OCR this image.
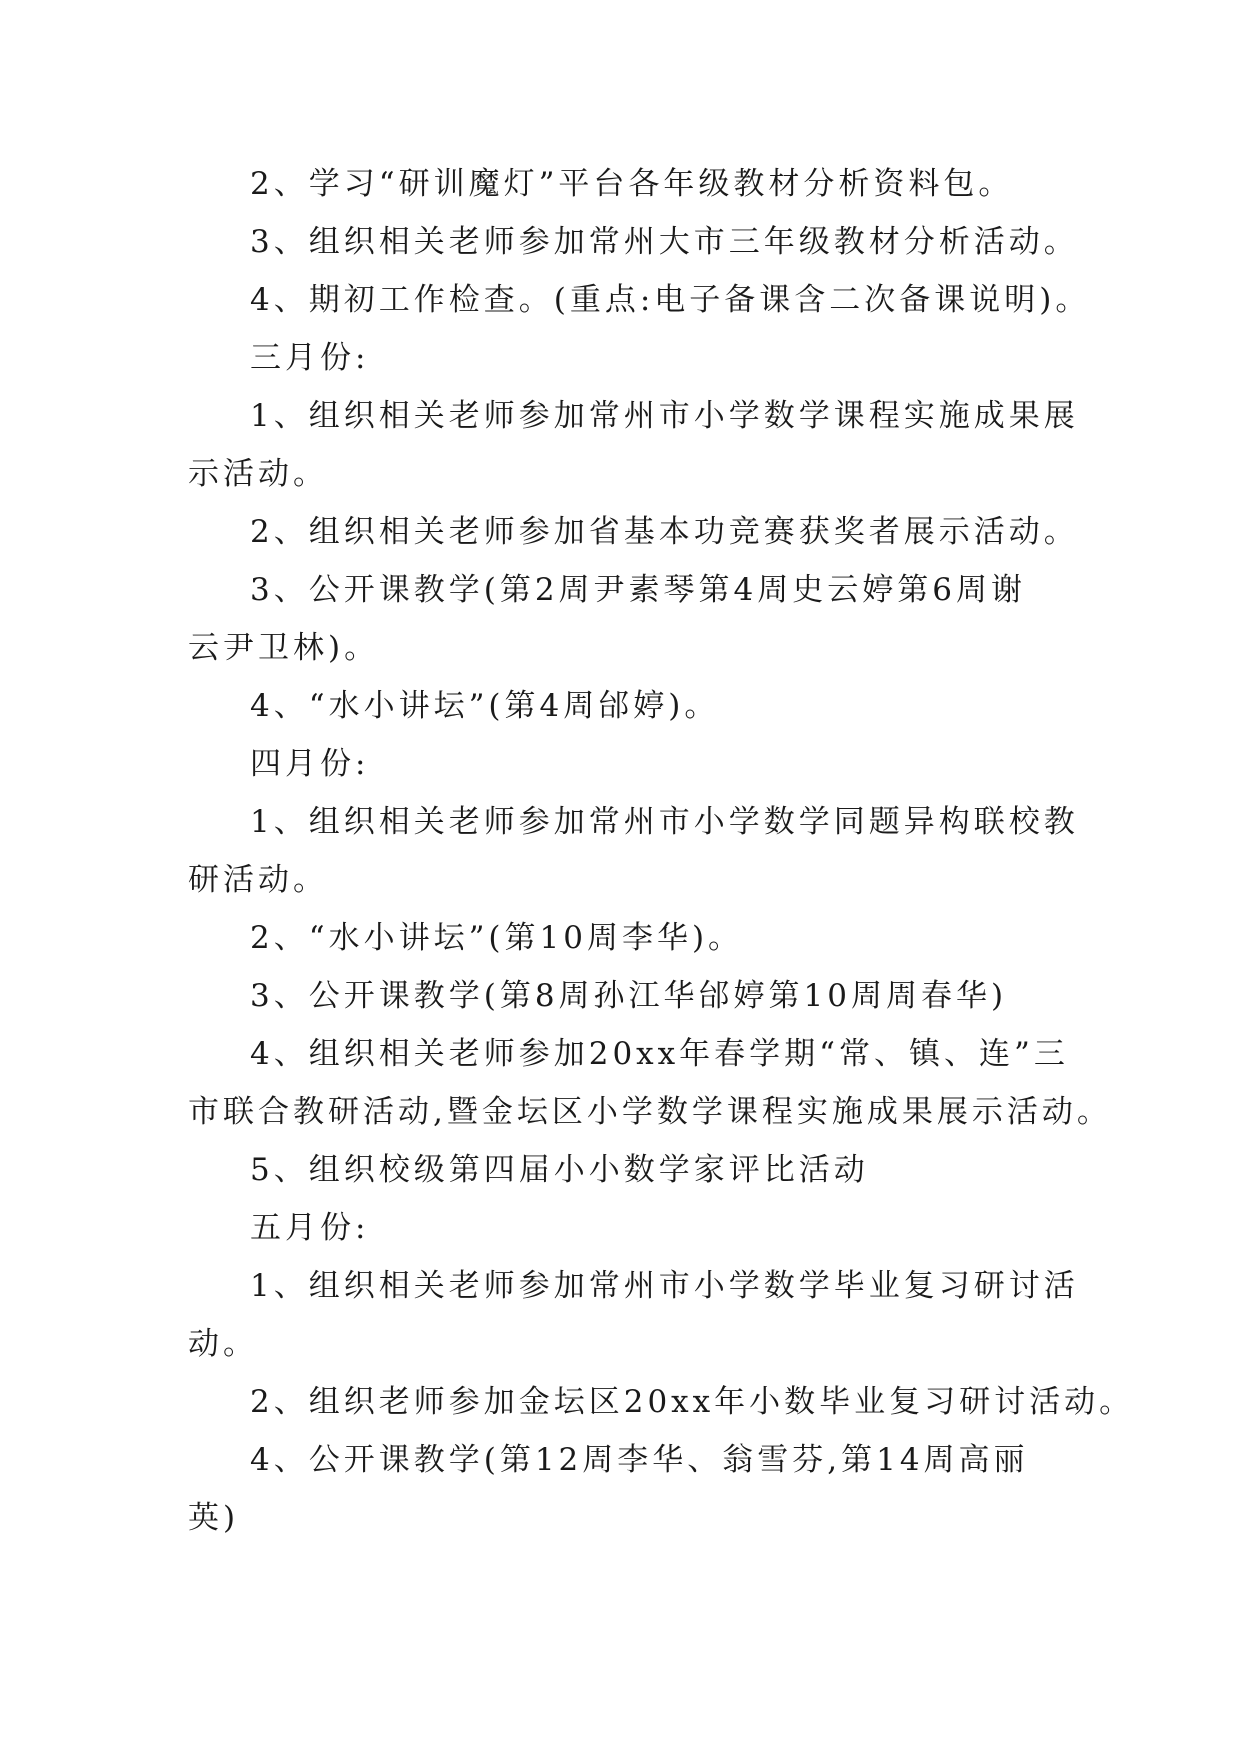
2、学习“研训魔灯”平台各年级教材分析资料包。
3、组织相关老师参加常州大市三年级教材分析活动。
4、期初工作检查。(重点:电子备课含二次备课说明)。
三月份:
1、组织相关老师参加常州市小学数学课程实施成果展
示活动。
2、组织相关老师参加省基本功竞赛获奖者展示活动。
3、公开课教学(第2周尹素琴第4周史云婷第6周谢
云尹卫林)。
4、“水小讲坛”(第4周邰婷)。
四月份:
1、组织相关老师参加常州市小学数学同题异构联校教
研活动。
2、“水小讲坛”(第10周李华)。
3、公开课教学(第8周孙江华邰婷第10周周春华)
4、组织相关老师参加20xx年春学期“常、镇、连”三
市联合教研活动,暨金坛区小学数学课程实施成果展示活动。
5、组织校级第四届小小数学家评比活动
五月份:
1、组织相关老师参加常州市小学数学毕业复习研讨活
动。
2、组织老师参加金坛区20xx年小数毕业复习研讨活动。
4、公开课教学(第12周李华、翁雪芬,第14周高丽
英)
